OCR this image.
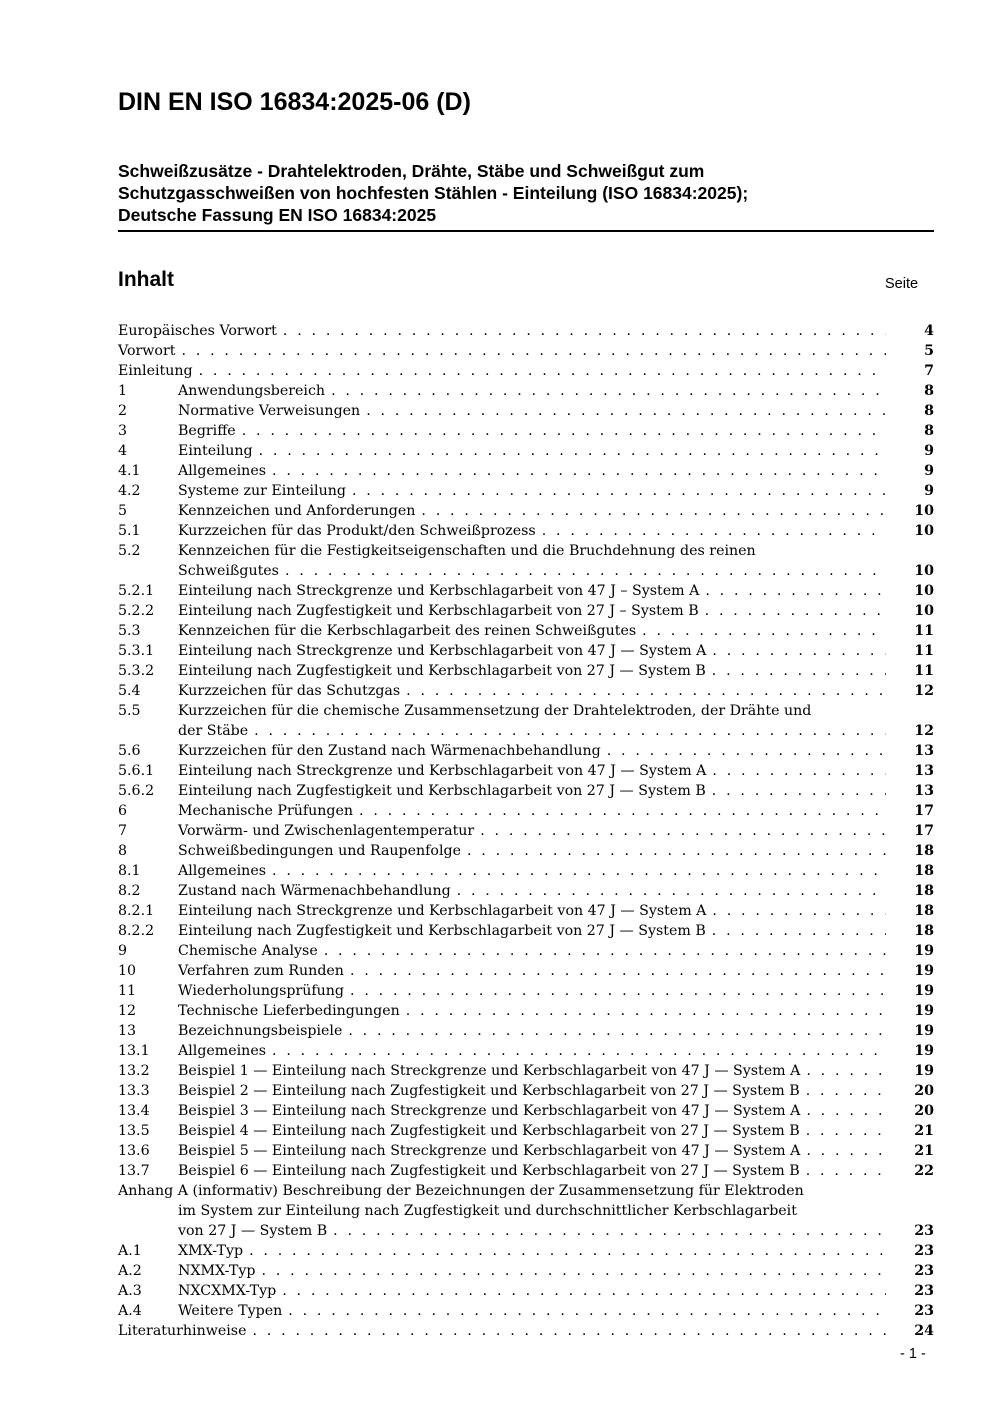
DIN EN ISO 16834:2025-06 (D)
Schweißzusätze - Drahtelektroden, Drähte, Stäbe und Schweißgut zum
Schutzgasschweißen von hochfesten Stählen - Einteilung (ISO 16834:2025);
Deutsche Fassung EN ISO 16834:2025
Inhalt	Seite
Europäisches Vorwort . . .	4
Vorwort . . .	5
Einleitung . . .	7
1	Anwendungsbereich . . .	8
2	Normative Verweisungen . . .	8
3	Begriffe . . .	8
4	Einteilung . . .	9
4.1	Allgemeines . . .	9
4.2	Systeme zur Einteilung . . .	9
5	Kennzeichen und Anforderungen . . .	10
5.1	Kurzzeichen für das Produkt/den Schweißprozess . . .	10
5.2	Kennzeichen für die Festigkeitseigenschaften und die Bruchdehnung des reinen
Schweißgutes . . .	10
5.2.1	Einteilung nach Streckgrenze und Kerbschlagarbeit von 47 J – System A . . .	10
5.2.2	Einteilung nach Zugfestigkeit und Kerbschlagarbeit von 27 J – System B . . .	10
5.3	Kennzeichen für die Kerbschlagarbeit des reinen Schweißgutes . . .	11
5.3.1	Einteilung nach Streckgrenze und Kerbschlagarbeit von 47 J — System A . . .	11
5.3.2	Einteilung nach Zugfestigkeit und Kerbschlagarbeit von 27 J — System B . . .	11
5.4	Kurzzeichen für das Schutzgas . . .	12
5.5	Kurzzeichen für die chemische Zusammensetzung der Drahtelektroden, der Drähte und
der Stäbe . . .	12
5.6	Kurzzeichen für den Zustand nach Wärmenachbehandlung . . .	13
5.6.1	Einteilung nach Streckgrenze und Kerbschlagarbeit von 47 J — System A . . .	13
5.6.2	Einteilung nach Zugfestigkeit und Kerbschlagarbeit von 27 J — System B . . .	13
6	Mechanische Prüfungen . . .	17
7	Vorwärm- und Zwischenlagentemperatur . . .	17
8	Schweißbedingungen und Raupenfolge . . .	18
8.1	Allgemeines . . .	18
8.2	Zustand nach Wärmenachbehandlung . . .	18
8.2.1	Einteilung nach Streckgrenze und Kerbschlagarbeit von 47 J — System A . . .	18
8.2.2	Einteilung nach Zugfestigkeit und Kerbschlagarbeit von 27 J — System B . . .	18
9	Chemische Analyse . . .	19
10	Verfahren zum Runden . . .	19
11	Wiederholungsprüfung . . .	19
12	Technische Lieferbedingungen . . .	19
13	Bezeichnungsbeispiele . . .	19
13.1	Allgemeines . . .	19
13.2	Beispiel 1 — Einteilung nach Streckgrenze und Kerbschlagarbeit von 47 J — System A . . .	19
13.3	Beispiel 2 — Einteilung nach Zugfestigkeit und Kerbschlagarbeit von 27 J — System B . . .	20
13.4	Beispiel 3 — Einteilung nach Streckgrenze und Kerbschlagarbeit von 47 J — System A . . .	20
13.5	Beispiel 4 — Einteilung nach Zugfestigkeit und Kerbschlagarbeit von 27 J — System B . . .	21
13.6	Beispiel 5 — Einteilung nach Streckgrenze und Kerbschlagarbeit von 47 J — System A . . .	21
13.7	Beispiel 6 — Einteilung nach Zugfestigkeit und Kerbschlagarbeit von 27 J — System B . . .	22
Anhang A (informativ) Beschreibung der Bezeichnungen der Zusammensetzung für Elektroden
im System zur Einteilung nach Zugfestigkeit und durchschnittlicher Kerbschlagarbeit
von 27 J — System B . . .	23
A.1	XMX-Typ . . .	23
A.2	NXMX-Typ . . .	23
A.3	NXCXMX-Typ . . .	23
A.4	Weitere Typen . . .	23
Literaturhinweise . . .	24
- 1 -
